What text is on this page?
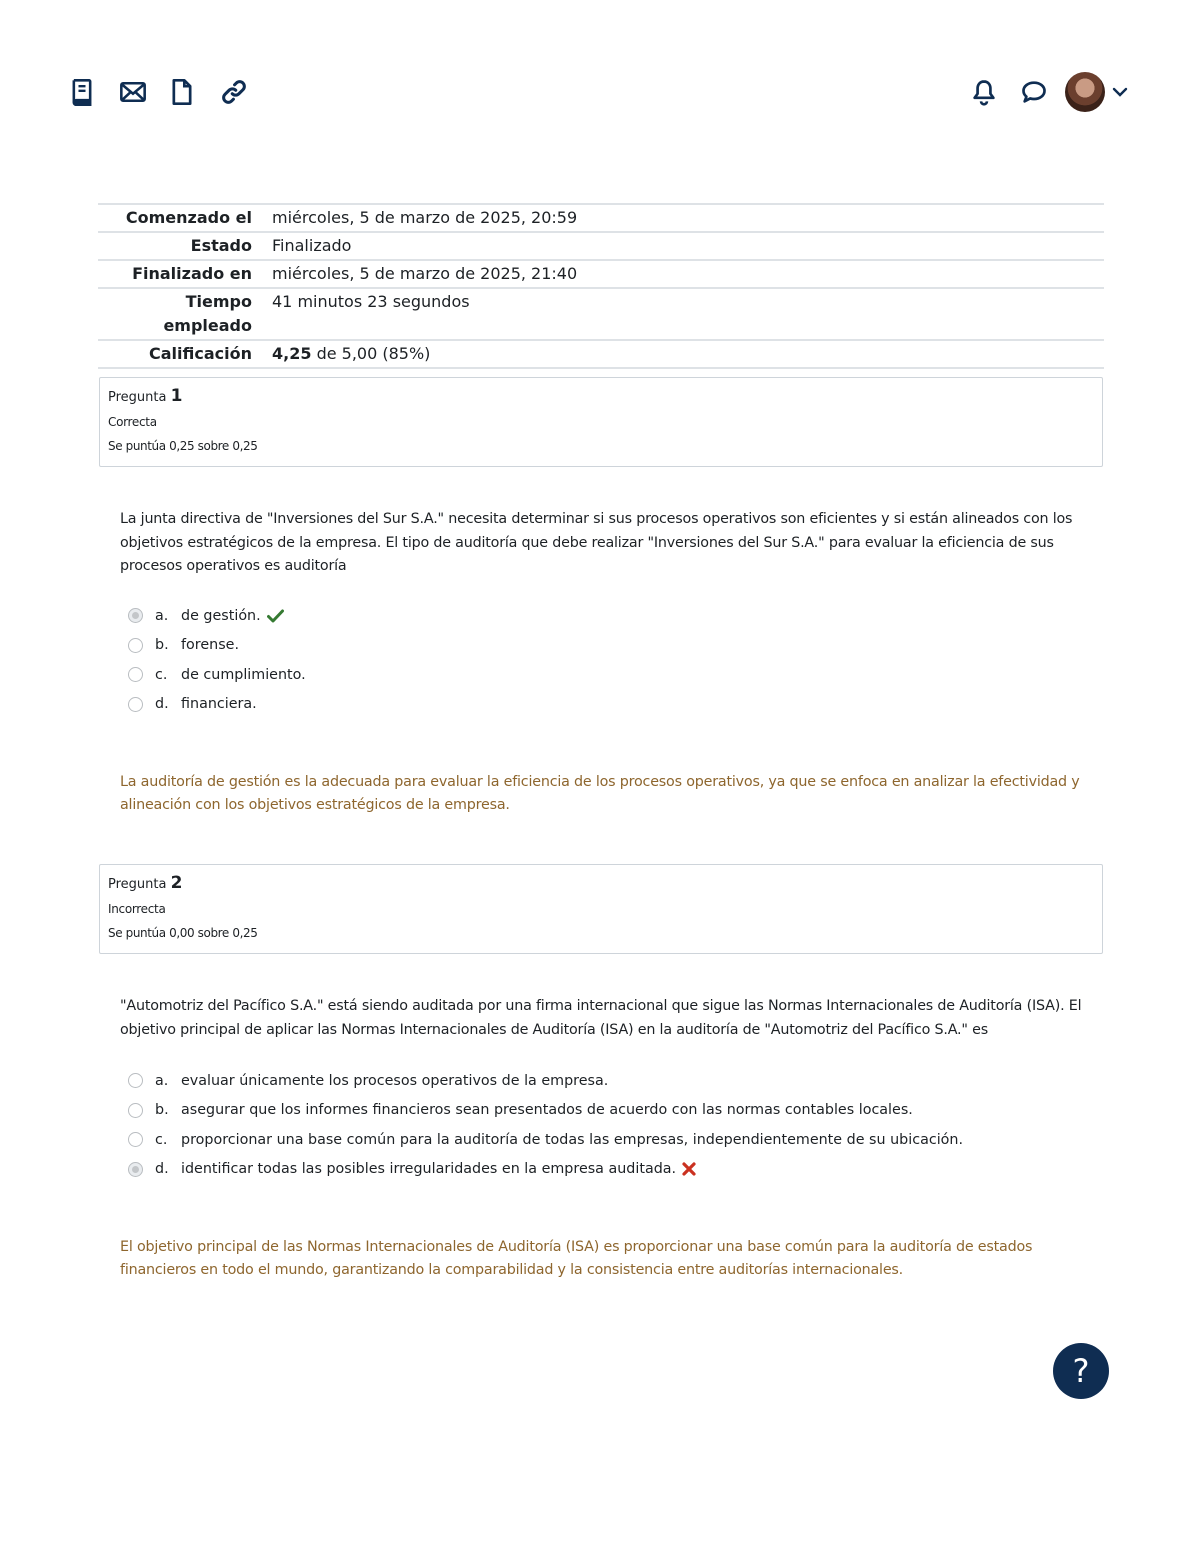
Comenzado el	miércoles, 5 de marzo de 2025, 20:59
Estado	Finalizado
Finalizado en	miércoles, 5 de marzo de 2025, 21:40
Tiempo empleado	41 minutos 23 segundos
Calificación	4,25 de 5,00 (85%)
Pregunta 1
Correcta
Se puntúa 0,25 sobre 0,25

La junta directiva de "Inversiones del Sur S.A." necesita determinar si sus procesos operativos son eficientes y si están alineados con los objetivos estratégicos de la empresa. El tipo de auditoría que debe realizar "Inversiones del Sur S.A." para evaluar la eficiencia de sus procesos operativos es auditoría

a. de gestión.
b. forense.
c. de cumplimiento.
d. financiera.

La auditoría de gestión es la adecuada para evaluar la eficiencia de los procesos operativos, ya que se enfoca en analizar la efectividad y alineación con los objetivos estratégicos de la empresa.

Pregunta 2
Incorrecta
Se puntúa 0,00 sobre 0,25

"Automotriz del Pacífico S.A." está siendo auditada por una firma internacional que sigue las Normas Internacionales de Auditoría (ISA). El objetivo principal de aplicar las Normas Internacionales de Auditoría (ISA) en la auditoría de "Automotriz del Pacífico S.A." es

a. evaluar únicamente los procesos operativos de la empresa.
b. asegurar que los informes financieros sean presentados de acuerdo con las normas contables locales.
c. proporcionar una base común para la auditoría de todas las empresas, independientemente de su ubicación.
d. identificar todas las posibles irregularidades en la empresa auditada.

El objetivo principal de las Normas Internacionales de Auditoría (ISA) es proporcionar una base común para la auditoría de estados financieros en todo el mundo, garantizando la comparabilidad y la consistencia entre auditorías internacionales.

?
